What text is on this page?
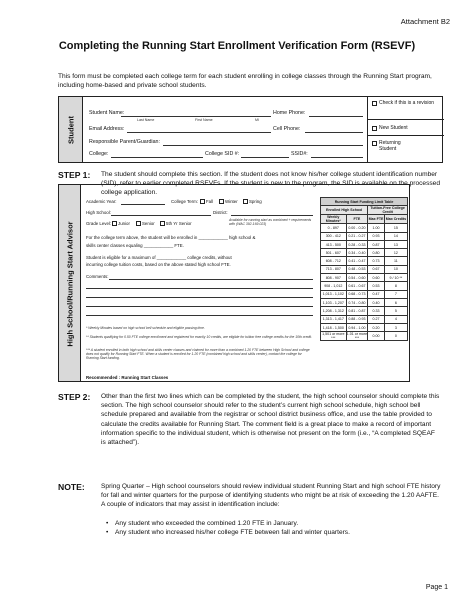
Attachment B2
Completing the Running Start Enrollment Verification Form (RSEVF)
This form must be completed each college term for each student enrolling in college classes through the Running Start program, including home-based and private school students.
Student
Student Name:
Last Name	First Name	MI
Home Phone:
Email Address:	Cell Phone:
Responsible Parent/Guardian:
College:	College SID #:	SSID#:
Check if this is a revision
New Student
Returning Student
STEP 1: The student should complete this section. If the student does not know his/her college student identification number (SID), refer to earlier completed RSEVFs. If the student is new to the program, the SID is available on the processed college application.
High School/Running Start Advisor
Academic Year:	College Term: Fall	Winter	Spring
High School:	District:
Grade Level: Junior	Senior	5th Yr Senior
Available for running start as combined + requirements with (WAC 392-169-023)
For the college term above, the student will be enrolled in ____________ high school &
skills center classes equaling ____________ FTE.
Student is eligible for a maximum of ____________ college credits, without
incurring college tuition costs, based on the above stated high school FTE.
Comments:
* Weekly Minutes based on high school bell schedule and eligible passing time.
** Students qualifying for 0.50 FTE college enrollment and registered for exactly 10 credits, are eligible for tuition free college credits for the 10th credit.
*** A student enrolled in both high school and skills center classes and claimed for more than a combined 1.20 FTE between High School and college does not qualify for Running Start FTE. When a student is enrolled for 1.20 FTE (combined high school and skills center), contact the college for Running Start funding.
Recommended : Running Start Classes
Running Start Funding Limit Table			
Enrolled High School		Tuition-Free College Credit	
Weekly Minutes*	FTE	Max FTE	Max Credits
0 - 897	0.00 - 0.20	1.00	15
300 - 412	0.21 - 0.27	0.93	14
413 - 500	0.28 - 0.33	0.87	13
501 - 607	0.34 - 0.40	0.80	12
608 - 712	0.41 - 0.47	0.73	11
713 - 807	0.48 - 0.53	0.67	10
808 - 907	0.54 - 0.60	0.60	9 / 10 **
908 - 1,012	0.61 - 0.67	0.53	8
1,013 - 1,102	0.68 - 0.73	0.47	7
1,103 - 1,207	0.74 - 0.80	0.40	6
1,208 - 1,312	0.81 - 0.87	0.33	5
1,313 - 1,417	0.88 - 0.93	0.27	4
1,418 - 1,500	0.94 - 1.00	0.20	3
1,501 or more ***	1.01 or more ***	0.00	0
STEP 2: Other than the first two lines which can be completed by the student, the high school counselor should complete this section. The high school counselor should refer to the student’s current high school schedule, high school bell schedule prepared and available from the registrar or school district business office, and use the table provided to calculate the credits available for Running Start. The comment field is a great place to make a record of important information specific to the individual student, which is otherwise not present on the form (i.e., “A completed SQEAF is attached”).
NOTE: Spring Quarter – High school counselors should review individual student Running Start and high school FTE history for fall and winter quarters for the purpose of identifying students who might be at risk of exceeding the 1.20 AAFTE. A couple of indicators that may assist in identification include:
• Any student who exceeded the combined 1.20 FTE in January.
• Any student who increased his/her college FTE between fall and winter quarters.
Page 1
